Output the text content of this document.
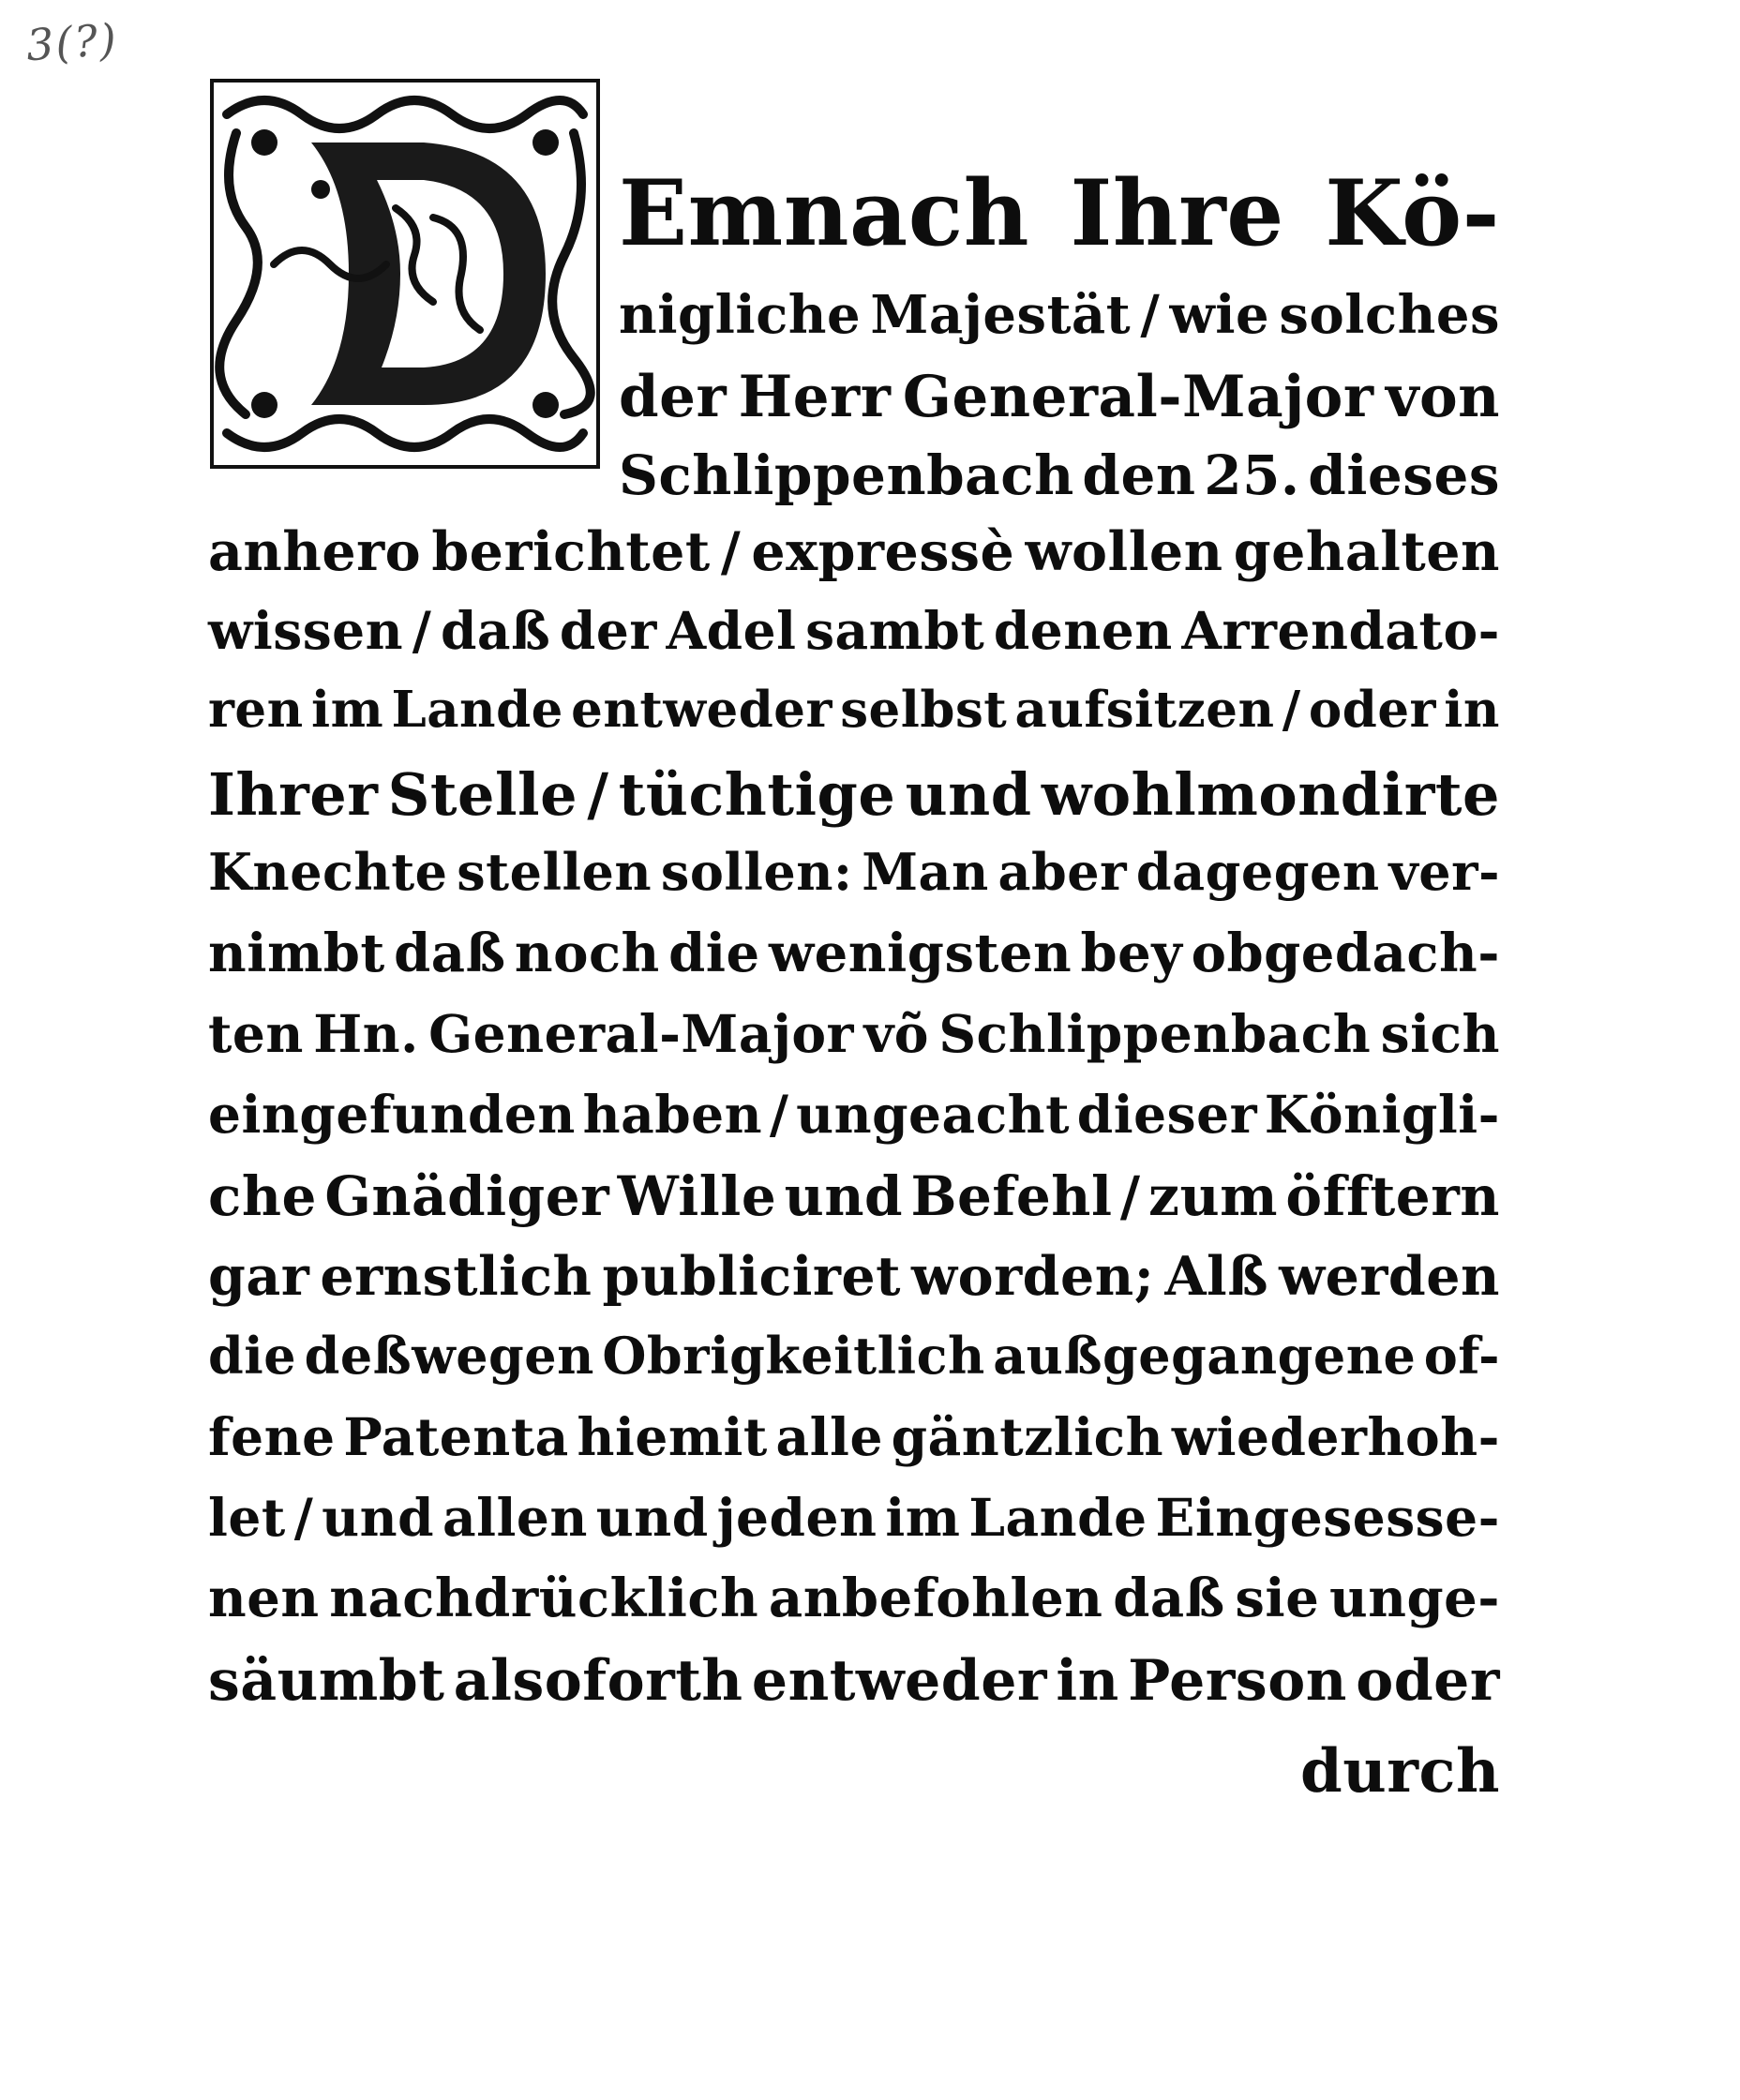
3(?)
Emnach Ihre Kö-
nigliche Majestät / wie solches
der Herr General-Major von
Schlippenbach den 25. dieses
anhero berichtet / expressè wollen gehalten
wissen / daß der Adel sambt denen Arrendato-
ren im Lande entweder selbst aufsitzen / oder in
Ihrer Stelle / tüchtige und wohlmondirte
Knechte stellen sollen: Man aber dagegen ver-
nimbt daß noch die wenigsten bey obgedach-
ten Hn. General-Major võ Schlippenbach sich
eingefunden haben / ungeacht dieser Königli-
che Gnädiger Wille und Befehl / zum öfftern
gar ernstlich publiciret worden; Alß werden
die deßwegen Obrigkeitlich außgegangene of-
fene Patenta hiemit alle gäntzlich wiederhoh-
let / und allen und jeden im Lande Eingesesse-
nen nachdrücklich anbefohlen daß sie unge-
säumbt alsoforth entweder in Person oder
durch
